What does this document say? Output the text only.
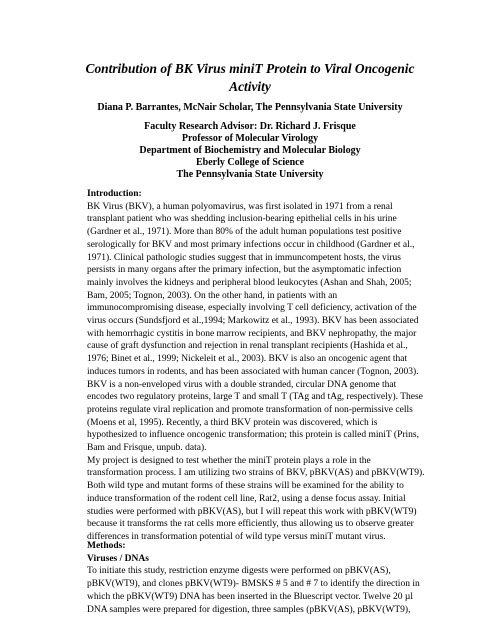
Contribution of BK Virus miniT Protein to Viral Oncogenic Activity

Diana P. Barrantes, McNair Scholar, The Pennsylvania State University

Faculty Research Advisor: Dr. Richard J. Frisque
Professor of Molecular Virology
Department of Biochemistry and Molecular Biology
Eberly College of Science
The Pennsylvania State University

Introduction:

BK Virus (BKV), a human polyomavirus, was first isolated in 1971 from a renal
transplant patient who was shedding inclusion-bearing epithelial cells in his urine
(Gardner et al., 1971). More than 80% of the adult human populations test positive
serologically for BKV and most primary infections occur in childhood (Gardner et al.,
1971). Clinical pathologic studies suggest that in immuncompetent hosts, the virus
persists in many organs after the primary infection, but the asymptomatic infection
mainly involves the kidneys and peripheral blood leukocytes (Ashan and Shah, 2005;
Bam, 2005; Tognon, 2003). On the other hand, in patients with an
immunocompromising disease, especially involving T cell deficiency, activation of the
virus occurs (Sundsfjord et al.,1994; Markowitz et al., 1993). BKV has been associated
with hemorrhagic cystitis in bone marrow recipients, and BKV nephropathy, the major
cause of graft dysfunction and rejection in renal transplant recipients (Hashida et al.,
1976; Binet et al., 1999; Nickeleit et al., 2003). BKV is also an oncogenic agent that
induces tumors in rodents, and has been associated with human cancer (Tognon, 2003).

BKV is a non-enveloped virus with a double stranded, circular DNA genome that
encodes two regulatory proteins, large T and small T (TAg and tAg, respectively). These
proteins regulate viral replication and promote transformation of non-permissive cells
(Moens et al, 1995). Recently, a third BKV protein was discovered, which is
hypothesized to influence oncogenic transformation; this protein is called miniT (Prins,
Bam and Frisque, unpub. data).

My project is designed to test whether the miniT protein plays a role in the
transformation process. I am utilizing two strains of BKV, pBKV(AS) and pBKV(WT9).
Both wild type and mutant forms of these strains will be examined for the ability to
induce transformation of the rodent cell line, Rat2, using a dense focus assay. Initial
studies were performed with pBKV(AS), but I will repeat this work with pBKV(WT9)
because it transforms the rat cells more efficiently, thus allowing us to observe greater
differences in transformation potential of wild type versus miniT mutant virus.

Methods:

Viruses / DNAs

To initiate this study, restriction enzyme digests were performed on pBKV(AS),
pBKV(WT9), and clones pBKV(WT9)- BMSKS # 5 and # 7 to identify the direction in
which the pBKV(WT9) DNA has been inserted in the Bluescript vector. Twelve 20 µl
DNA samples were prepared for digestion, three samples (pBKV(AS), pBKV(WT9),
